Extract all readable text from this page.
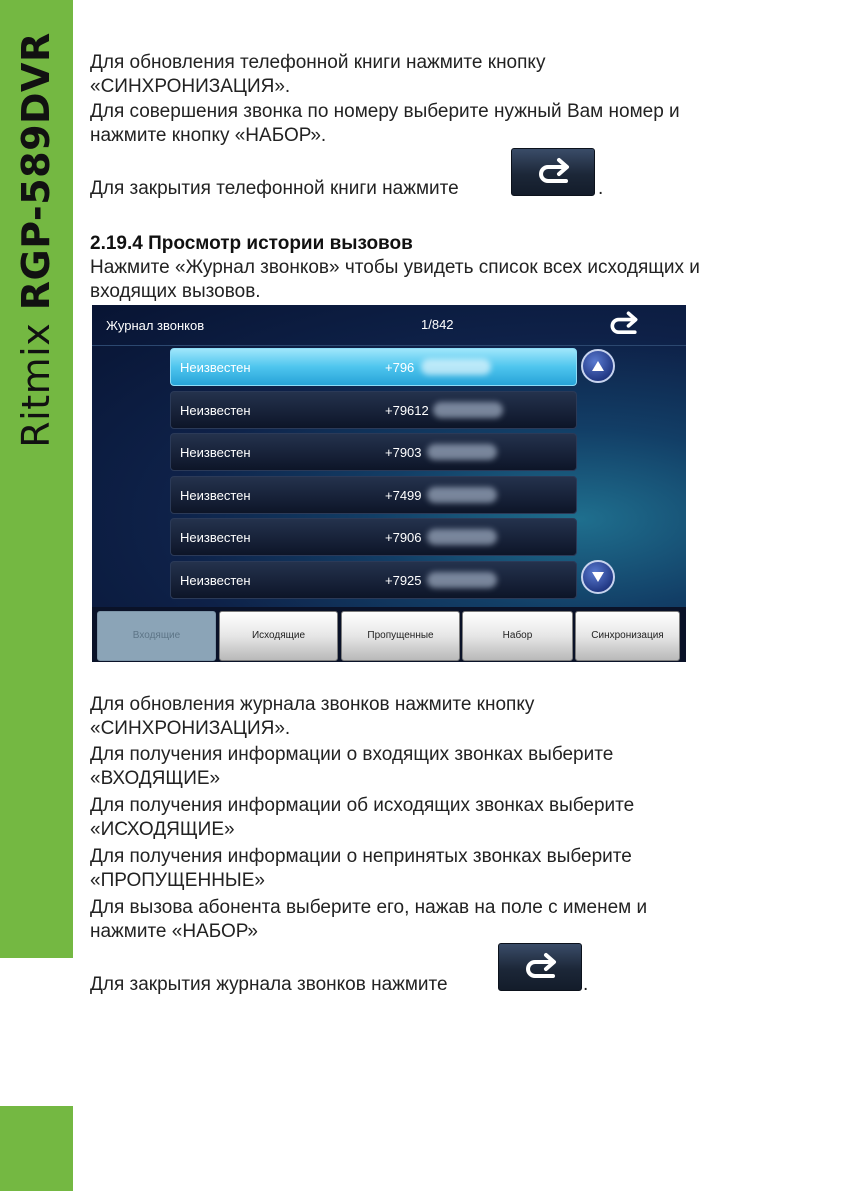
Ritmix RGP-589DVR Для обновления телефонной книги нажмите кнопку
«СИНХРОНИЗАЦИЯ».
Для совершения звонка по номеру выберите нужный Вам номер и
нажмите кнопку «НАБОР».
Для закрытия телефонной книги нажмите	.
2.19.4 Просмотр истории вызовов
Нажмите «Журнал звонков» чтобы увидеть список всех исходящих и
входящих вызовов.
Журнал звонков	1/842
Неизвестен	+796
Неизвестен	+79612
Неизвестен	+7903
Неизвестен	+7499
Неизвестен	+7906
Неизвестен	+7925
Входящие	Исходящие	Пропущенные	Набор	Синхронизация
Для обновления журнала звонков нажмите кнопку
«СИНХРОНИЗАЦИЯ».
Для получения информации о входящих звонках выберите
«ВХОДЯЩИЕ»
Для получения информации об исходящих звонках выберите
«ИСХОДЯЩИЕ»
Для получения информации о непринятых звонках выберите
«ПРОПУЩЕННЫЕ»
Для вызова абонента выберите его, нажав на поле с именем и
нажмите «НАБОР»
Для закрытия журнала звонков нажмите	.
